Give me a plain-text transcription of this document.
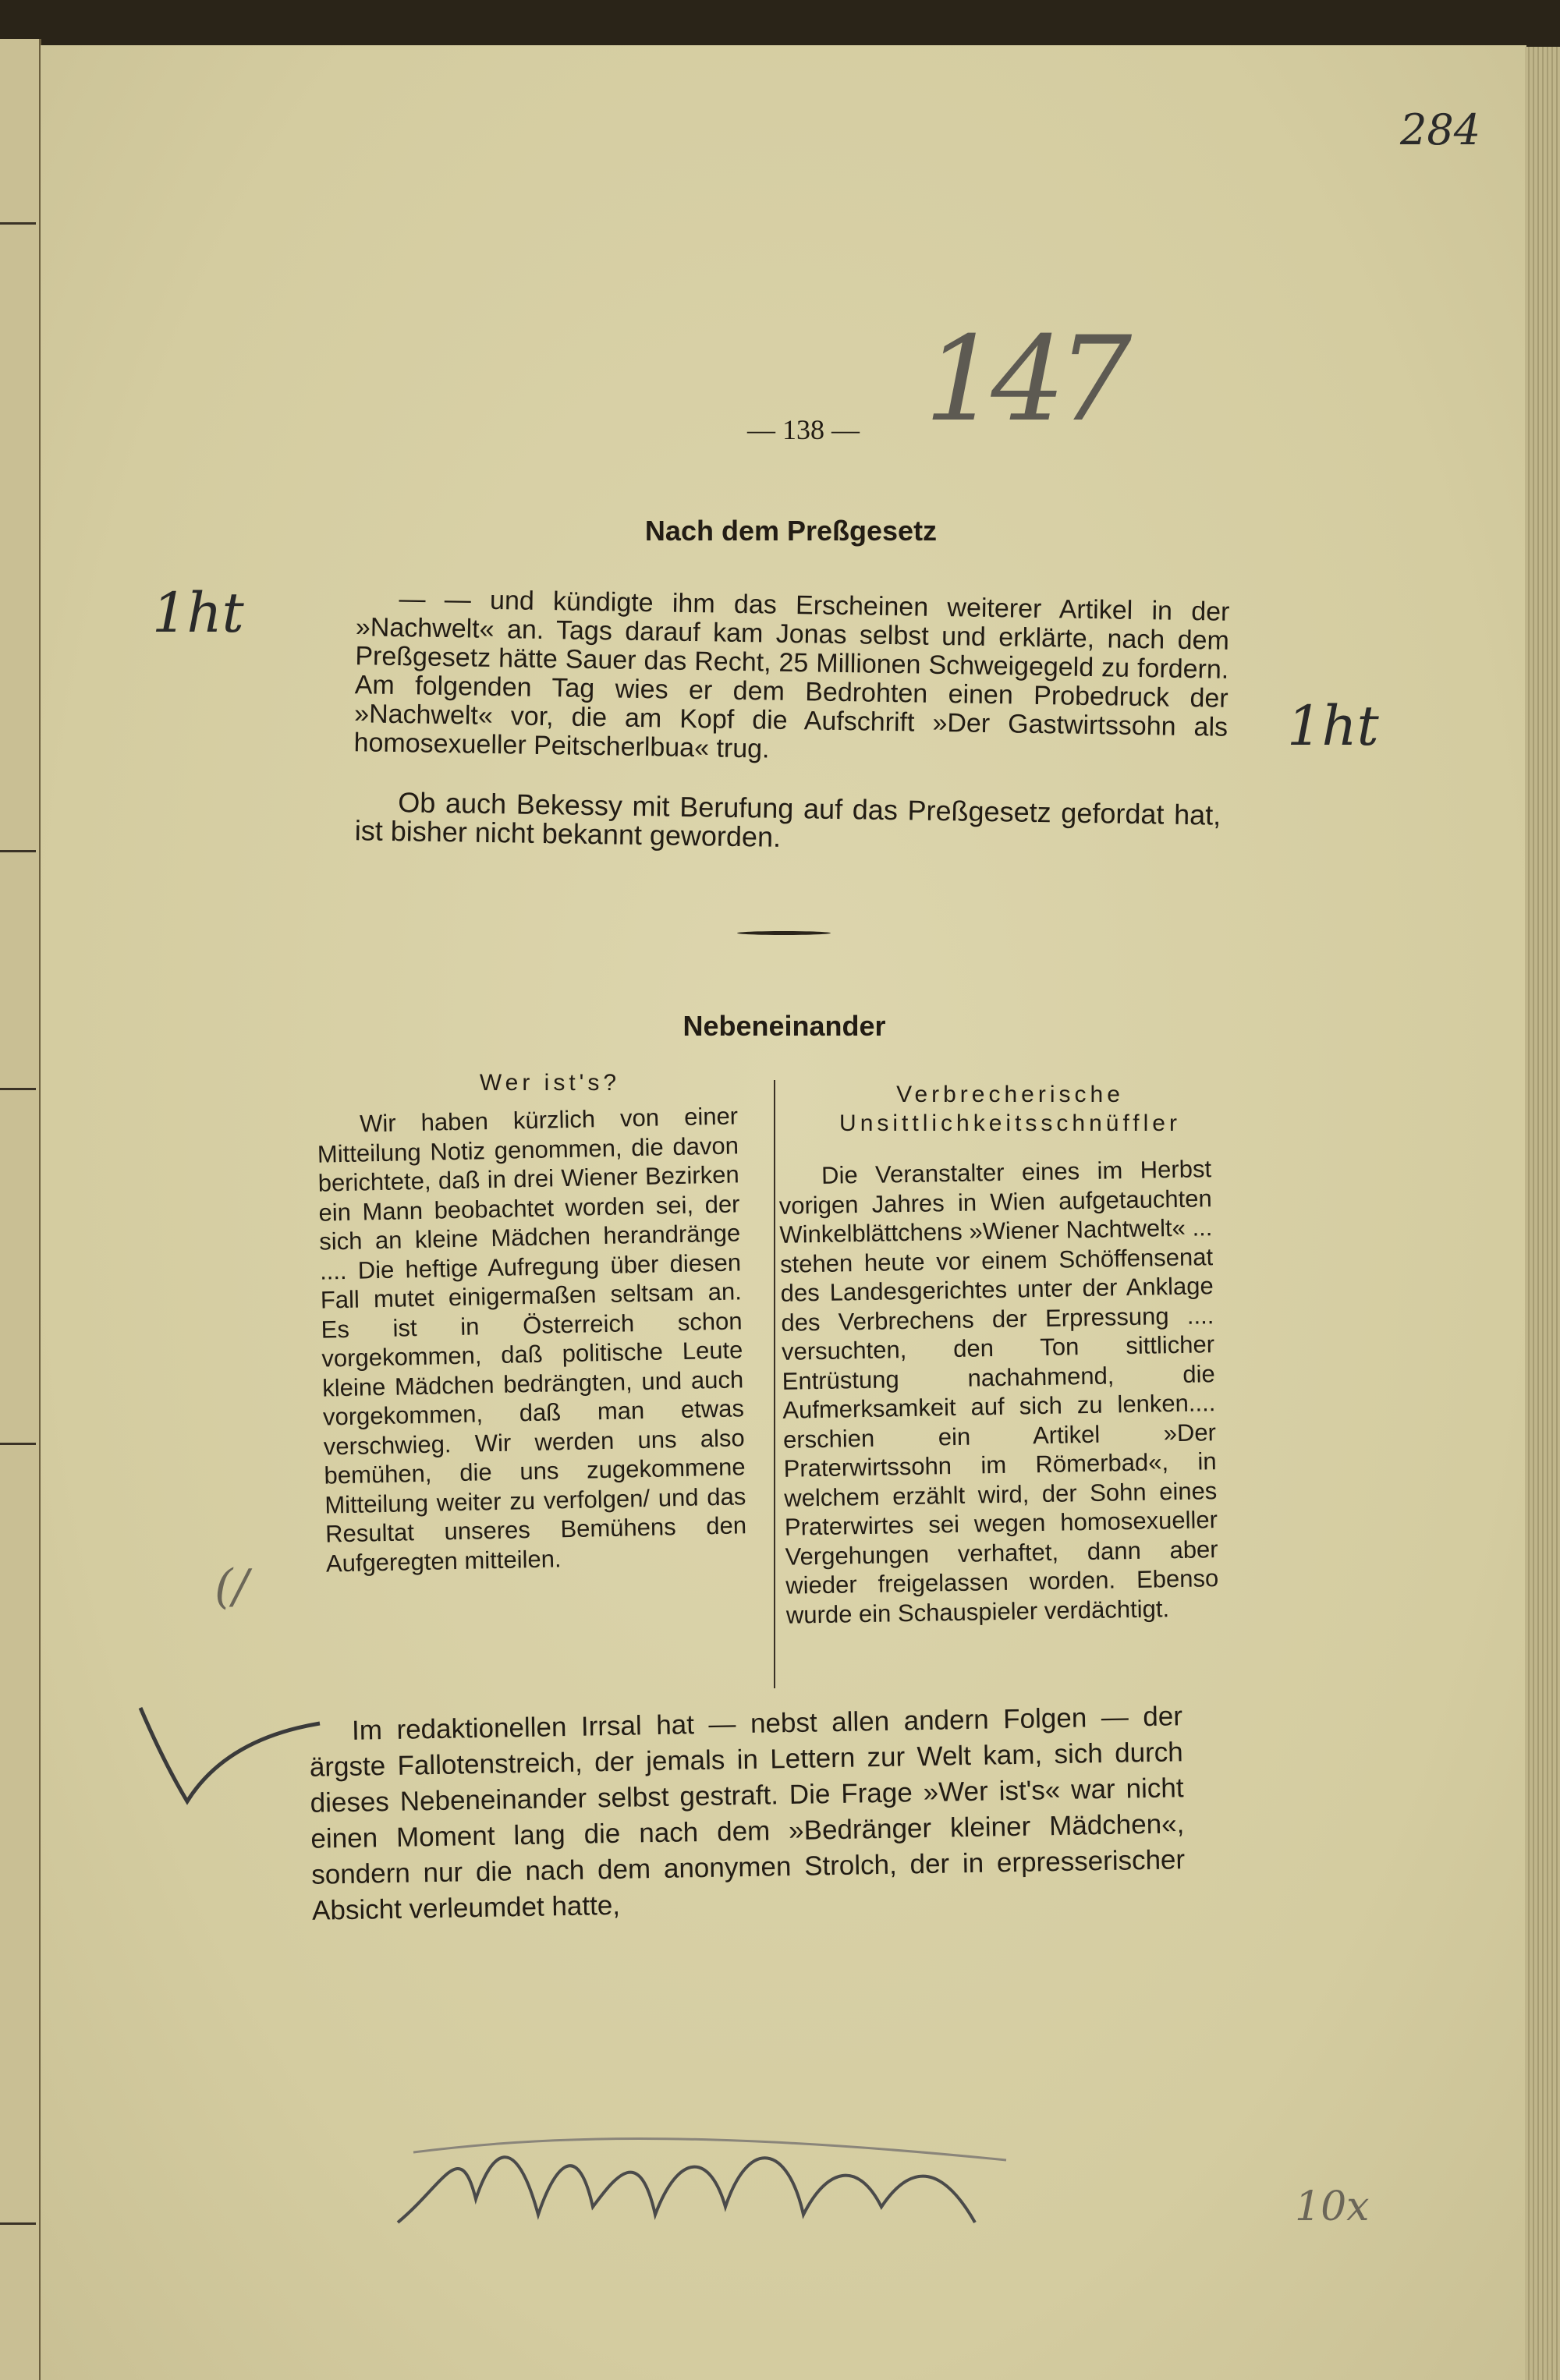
284
147
— 138 —
Nach dem Preßgesetz
1ht
1ht
— — und kündigte ihm das Erscheinen weiterer Artikel in der »Nachwelt« an. Tags darauf kam Jonas selbst und erklärte, nach dem Preßgesetz hätte Sauer das Recht, 25 Millionen Schweigegeld zu fordern. Am folgenden Tag wies er dem Bedrohten einen Probedruck der »Nachwelt« vor, die am Kopf die Aufschrift »Der Gastwirtssohn als homosexueller Peitscherlbua« trug.
Ob auch Bekessy mit Berufung auf das Preßgesetz gefordat hat, ist bisher nicht bekannt geworden.
Nebeneinander
Wer ist's?
Wir haben kürzlich von einer Mitteilung Notiz genommen, die davon berichtete, daß in drei Wiener Bezirken ein Mann beobachtet worden sei, der sich an kleine Mädchen herandränge .... Die heftige Aufregung über diesen Fall mutet einigermaßen seltsam an. Es ist in Österreich schon vorgekommen, daß politische Leute kleine Mädchen bedrängten, und auch vorgekommen, daß man etwas verschwieg. Wir werden uns also bemühen, die uns zugekommene Mitteilung weiter zu verfolgen/ und das Resultat unseres Bemühens den Aufgeregten mitteilen.
Verbrecherische Unsittlichkeitsschnüffler
Die Veranstalter eines im Herbst vorigen Jahres in Wien aufgetauchten Winkelblättchens »Wiener Nachtwelt« ... stehen heute vor einem Schöffensenat des Landesgerichtes unter der Anklage des Verbrechens der Erpressung .... versuchten, den Ton sittlicher Entrüstung nachahmend, die Aufmerksamkeit auf sich zu lenken.... erschien ein Artikel »Der Praterwirtssohn im Römerbad«, in welchem erzählt wird, der Sohn eines Praterwirtes sei wegen homosexueller Vergehungen verhaftet, dann aber wieder freigelassen worden. Ebenso wurde ein Schauspieler verdächtigt.
(/
Im redaktionellen Irrsal hat — nebst allen andern Folgen — der ärgste Fallotenstreich, der jemals in Lettern zur Welt kam, sich durch dieses Nebeneinander selbst gestraft. Die Frage »Wer ist's« war nicht einen Moment lang die nach dem »Bedränger kleiner Mädchen«, sondern nur die nach dem anonymen Strolch, der in erpresserischer Absicht verleumdet hatte,
10x
